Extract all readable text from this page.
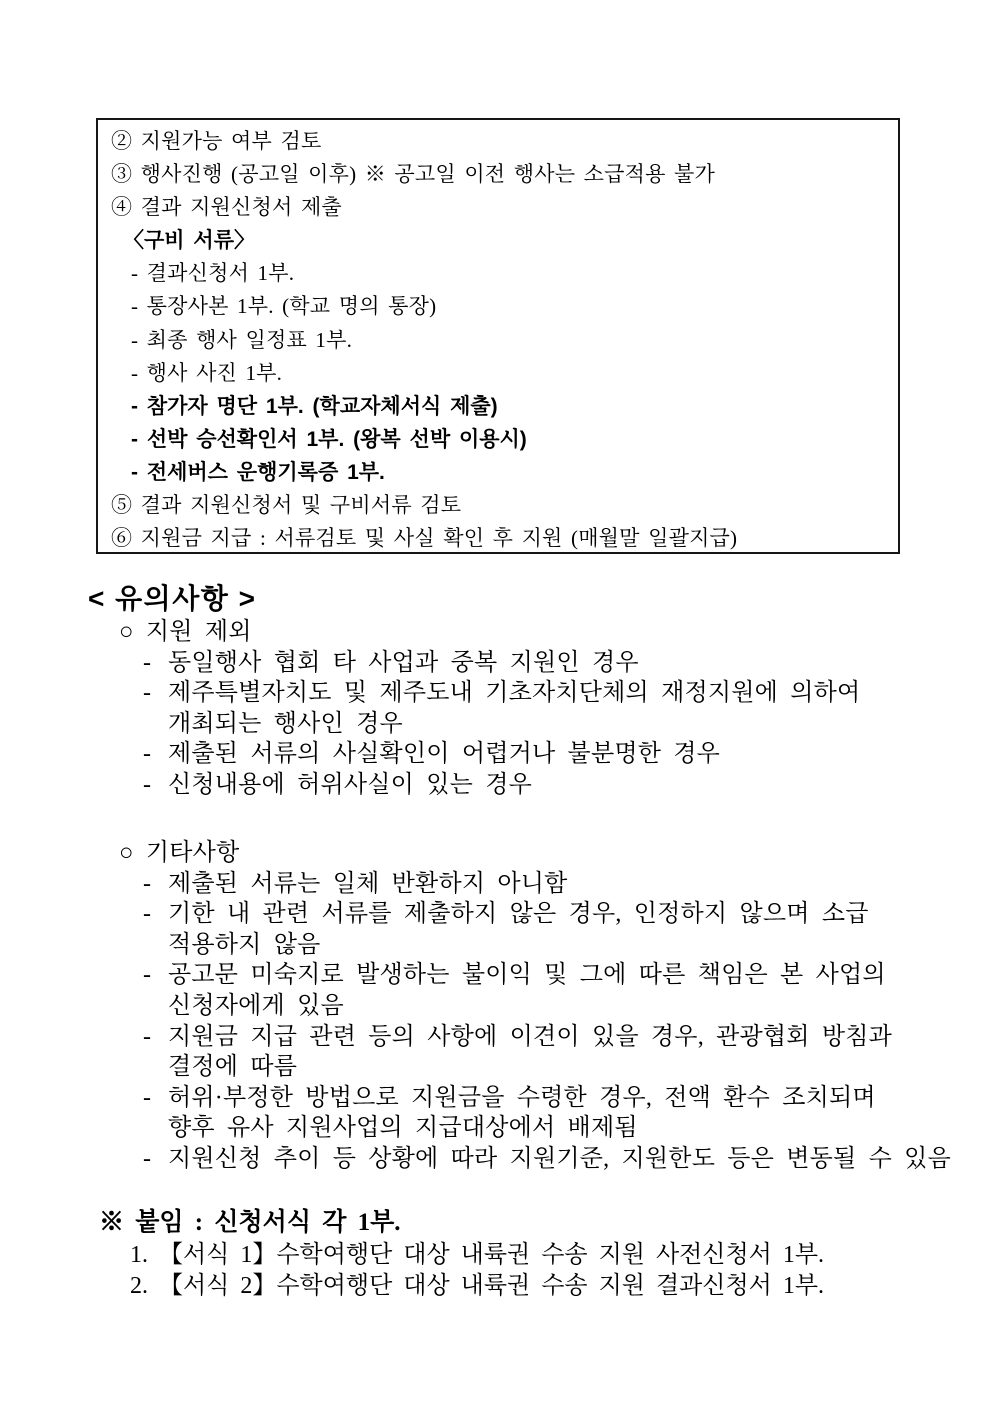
② 지원가능 여부 검토
③ 행사진행 (공고일 이후) ※ 공고일 이전 행사는 소급적용 불가
④ 결과 지원신청서 제출
〈구비 서류〉
- 결과신청서 1부.
- 통장사본 1부. (학교 명의 통장)
- 최종 행사 일정표 1부.
- 행사 사진 1부.
- 참가자 명단 1부. (학교자체서식 제출)
- 선박 승선확인서 1부. (왕복 선박 이용시)
- 전세버스 운행기록증 1부.
⑤ 결과 지원신청서 및 구비서류 검토
⑥ 지원금 지급 : 서류검토 및 사실 확인 후 지원 (매월말 일괄지급)
< 유의사항 >
○ 지원 제외
- 동일행사 협회 타 사업과 중복 지원인 경우
- 제주특별자치도 및 제주도내 기초자치단체의 재정지원에 의하여
개최되는 행사인 경우
- 제출된 서류의 사실확인이 어렵거나 불분명한 경우
- 신청내용에 허위사실이 있는 경우
○ 기타사항
- 제출된 서류는 일체 반환하지 아니함
- 기한 내 관련 서류를 제출하지 않은 경우, 인정하지 않으며 소급
적용하지 않음
- 공고문 미숙지로 발생하는 불이익 및 그에 따른 책임은 본 사업의
신청자에게 있음
- 지원금 지급 관련 등의 사항에 이견이 있을 경우, 관광협회 방침과
결정에 따름
- 허위·부정한 방법으로 지원금을 수령한 경우, 전액 환수 조치되며
향후 유사 지원사업의 지급대상에서 배제됨
- 지원신청 추이 등 상황에 따라 지원기준, 지원한도 등은 변동될 수 있음
※ 붙임 : 신청서식 각 1부.
1. 【서식 1】수학여행단 대상 내륙권 수송 지원 사전신청서 1부.
2. 【서식 2】수학여행단 대상 내륙권 수송 지원 결과신청서 1부.
